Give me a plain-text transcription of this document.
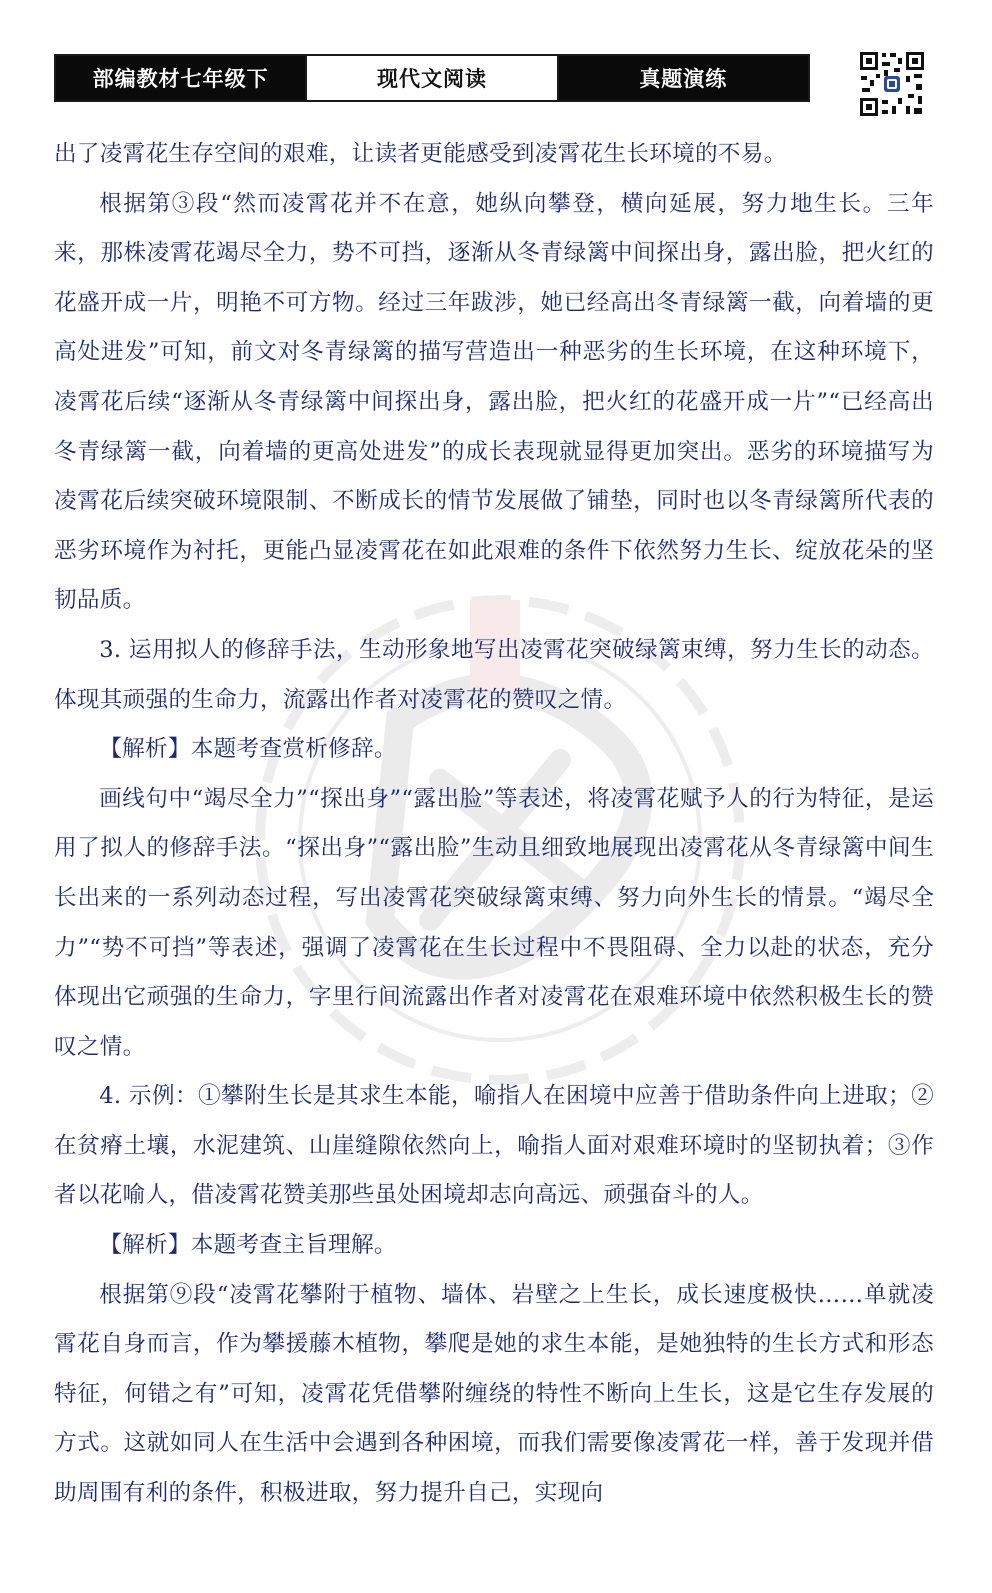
部编教材七年级下	现代文阅读	真题演练

出了凌霄花生存空间的艰难，让读者更能感受到凌霄花生长环境的不易。

根据第③段“然而凌霄花并不在意，她纵向攀登，横向延展，努力地生长。三年来，那株凌霄花竭尽全力，势不可挡，逐渐从冬青绿篱中间探出身，露出脸，把火红的花盛开成一片，明艳不可方物。经过三年跋涉，她已经高出冬青绿篱一截，向着墙的更高处进发”可知，前文对冬青绿篱的描写营造出一种恶劣的生长环境，在这种环境下，凌霄花后续“逐渐从冬青绿篱中间探出身，露出脸，把火红的花盛开成一片”“已经高出冬青绿篱一截，向着墙的更高处进发”的成长表现就显得更加突出。恶劣的环境描写为凌霄花后续突破环境限制、不断成长的情节发展做了铺垫，同时也以冬青绿篱所代表的恶劣环境作为衬托，更能凸显凌霄花在如此艰难的条件下依然努力生长、绽放花朵的坚韧品质。

3. 运用拟人的修辞手法，生动形象地写出凌霄花突破绿篱束缚，努力生长的动态。体现其顽强的生命力，流露出作者对凌霄花的赞叹之情。

【解析】本题考查赏析修辞。

画线句中“竭尽全力”“探出身”“露出脸”等表述，将凌霄花赋予人的行为特征，是运用了拟人的修辞手法。“探出身”“露出脸”生动且细致地展现出凌霄花从冬青绿篱中间生长出来的一系列动态过程，写出凌霄花突破绿篱束缚、努力向外生长的情景。“竭尽全力”“势不可挡”等表述，强调了凌霄花在生长过程中不畏阻碍、全力以赴的状态，充分体现出它顽强的生命力，字里行间流露出作者对凌霄花在艰难环境中依然积极生长的赞叹之情。

4. 示例：①攀附生长是其求生本能，喻指人在困境中应善于借助条件向上进取；②在贫瘠土壤，水泥建筑、山崖缝隙依然向上，喻指人面对艰难环境时的坚韧执着；③作者以花喻人，借凌霄花赞美那些虽处困境却志向高远、顽强奋斗的人。

【解析】本题考查主旨理解。

根据第⑨段“凌霄花攀附于植物、墙体、岩壁之上生长，成长速度极快……单就凌霄花自身而言，作为攀援藤木植物，攀爬是她的求生本能，是她独特的生长方式和形态特征，何错之有”可知，凌霄花凭借攀附缠绕的特性不断向上生长，这是它生存发展的方式。这就如同人在生活中会遇到各种困境，而我们需要像凌霄花一样，善于发现并借助周围有利的条件，积极进取，努力提升自己，实现向
